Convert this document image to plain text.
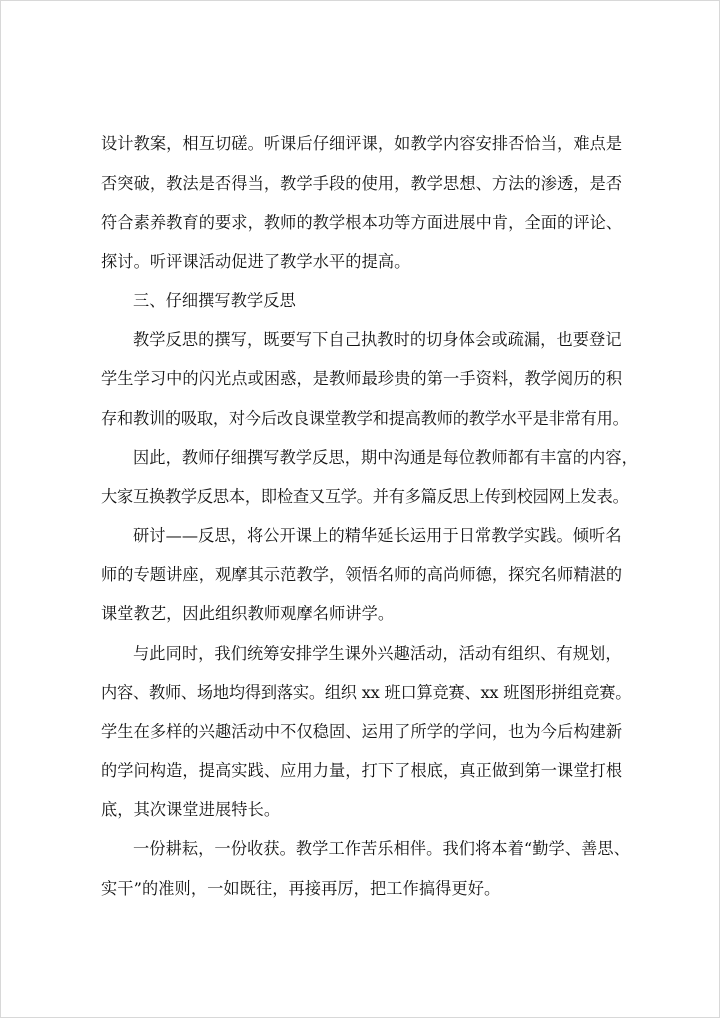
设计教案，相互切磋。听课后仔细评课，如教学内容安排否恰当，难点是
否突破，教法是否得当，教学手段的使用，教学思想、方法的渗透，是否
符合素养教育的要求，教师的教学根本功等方面进展中肯，全面的评论、
探讨。听评课活动促进了教学水平的提高。
三、仔细撰写教学反思
教学反思的撰写，既要写下自己执教时的切身体会或疏漏，也要登记
学生学习中的闪光点或困惑，是教师最珍贵的第一手资料，教学阅历的积
存和教训的吸取，对今后改良课堂教学和提高教师的教学水平是非常有用。
因此，教师仔细撰写教学反思，期中沟通是每位教师都有丰富的内容，
大家互换教学反思本，即检查又互学。并有多篇反思上传到校园网上发表。
研讨——反思，将公开课上的精华延长运用于日常教学实践。倾听名
师的专题讲座，观摩其示范教学，领悟名师的高尚师德，探究名师精湛的
课堂教艺，因此组织教师观摩名师讲学。
与此同时，我们统筹安排学生课外兴趣活动，活动有组织、有规划，
内容、教师、场地均得到落实。组织 xx 班口算竞赛、xx 班图形拼组竞赛。
学生在多样的兴趣活动中不仅稳固、运用了所学的学问，也为今后构建新
的学问构造，提高实践、应用力量，打下了根底，真正做到第一课堂打根
底，其次课堂进展特长。
一份耕耘，一份收获。教学工作苦乐相伴。我们将本着“勤学、善思、
实干”的准则，一如既往，再接再厉，把工作搞得更好。
